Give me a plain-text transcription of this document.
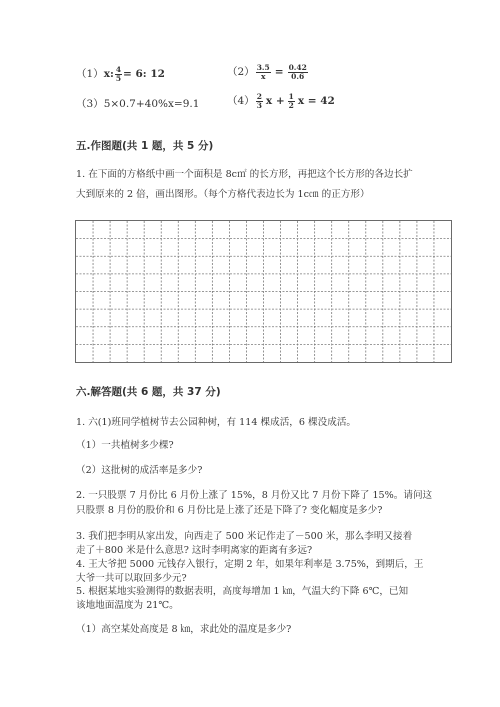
（1）x: $\frac{4}{5} = 6$: 12	$(2) \frac{3.5}{x} = \frac{0.42}{0.6}$
（3）5×0.7+40%x=9.1	$(4) \frac{2}{3}$ $x + \frac{1}{2}$ x = 42
五.作图题(共 1 题，共 5 分)
1. 在下面的方格纸中画一个面积是 8c㎡ 的长方形，再把这个长方形的各边长扩
大到原来的 2 倍，画出图形。（每个方格代表边长为 1c㎝ 的正方形）
六.解答题(共 6 题，共 37 分)
1. 六(1)班同学植树节去公园种树，有 114 棵成活，6 棵没成活。
（1）一共植树多少棵?
（2）这批树的成活率是多少?
2. 一只股票 7 月份比 6 月份上涨了 15%，8 月份又比 7 月份下降了 15%。请问这
只股票 8 月份的股价和 6 月份比是上涨了还是下降了? 变化幅度是多少?
3. 我们把李明从家出发，向西走了 500 米记作走了－500 米，那么李明又接着
走了＋800 米是什么意思? 这时李明离家的距离有多远?
4. 王大爷把 5000 元钱存入银行，定期 2 年，如果年利率是 3.75%，到期后，王
大爷一共可以取回多少元?
5. 根据某地实验测得的数据表明，高度每增加 1 ㎞，气温大约下降 6℃，已知
该地地面温度为 21℃。
（1）高空某处高度是 8 ㎞，求此处的温度是多少?
